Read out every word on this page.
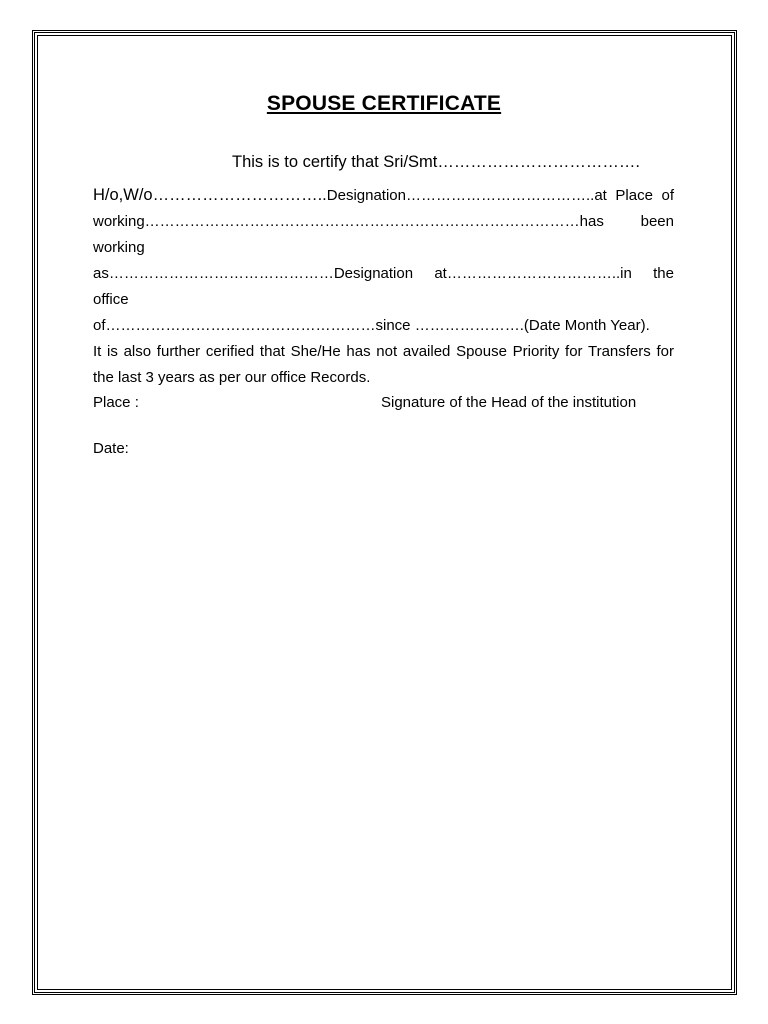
SPOUSE CERTIFICATE
This is to certify that Sri/Smt……………………………….

H/o,W/o…………………………..Designation………………………………..at Place of

working……………………………………………………………………………has been working

as………………………………………Designation at……………………………..in the office

of………………………………………………since ………………….(Date Month Year).

It is also further cerified that She/He has not availed Spouse Priority for Transfers for the last 3 years as per our office Records.

Place :	Signature of the Head of the institution
Date:
